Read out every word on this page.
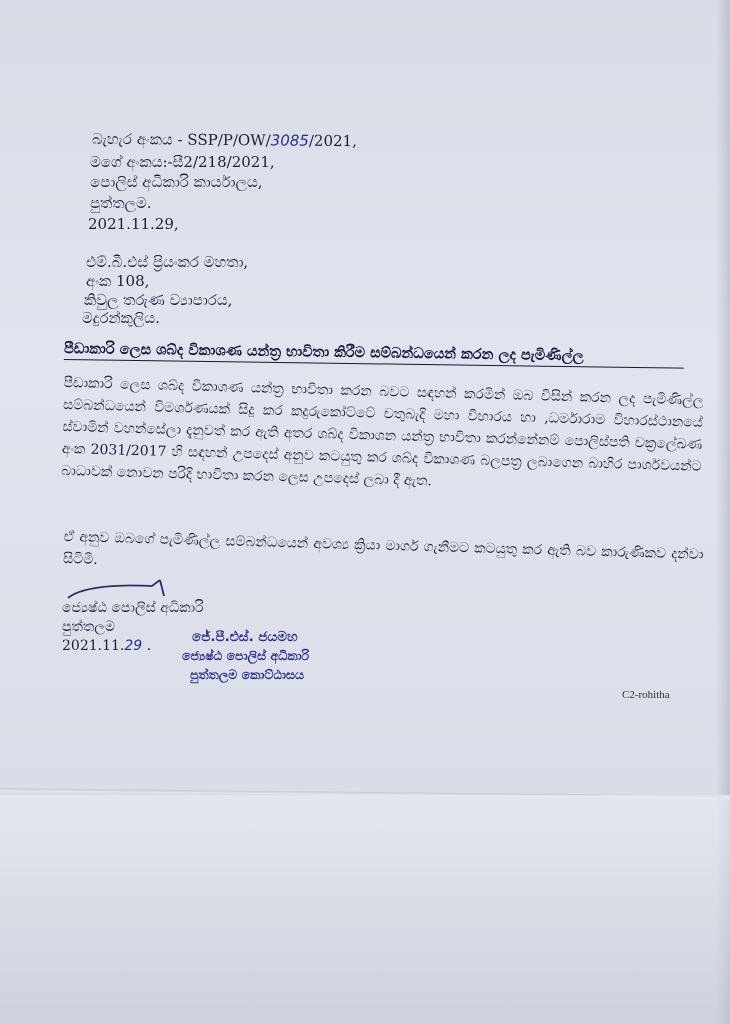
බැහැර අංකය - SSP/P/OW/3085/2021,
මගේ අංකය:-සී2/218/2021,
පොලිස් අධිකාරි කාර්යාලය,
පුත්තලම.
2021.11.29,
එම්.බී.එස් ප්‍රියංකර මහතා,
අංක 108,
කිවුල තරුණ ව්‍යාපාරය,
මදුරන්කුලිය.
පීඩාකාරි ලෙස ශබ්ද විකාශණ යන්ත්‍ර භාවිතා කිරීම සම්බන්ධයෙන් කරන ලද පැමිණිල්ල
පීඩාකාරි ලෙස ශබ්ද විකාශණ යන්ත්‍ර භාවිතා කරන බවට සඳහන් කරමින් ඔබ විසින් කරන ලද පැමිණිල්ල සම්බන්ධයෙන් විමර්ශණයක් සිදු කර කදුරුකෝට්ටේ චතුබැදි මහා විහාරය හා ,ධර්මාරාම විහාරස්ථානයේ ස්වාමින් වහන්සේලා දැනුවත් කර ඇති අතර ශබ්ද විකාශන යන්ත්‍ර භාවිතා කරන්නේනම් පොලිස්පති චක්‍රලේඛණ අංක 2031/2017 හි සඳහන් උපදෙස් අනුව කටයුතු කර ශබ්ද විකාශණ බලපත්‍ර ලබාගෙන බාහිර පාර්ශවයන්ට බාධාවක් නොවන පරිදි භාවිතා කරන ලෙස උපදෙස් ලබා දී ඇත.
ඒ අනුව ඔබගේ පැමිණිල්ල සම්බන්ධයෙන් අවශ්‍ය ක්‍රියා මාර්ග ගැනීමට කටයුතු කර ඇති බව කාරුණිකව දන්වා සිටිමි.
ජ්‍යෙෂ්ඨ පොලිස් අධිකාරි
පුත්තලම
2021.11.29 .
ජේ.පී.එස්. ජයමහ
ජ්‍යෙෂ්ඨ පොලිස් අධිකාරි
පුත්තලම කොට්ඨාසය
C2-rohitha
